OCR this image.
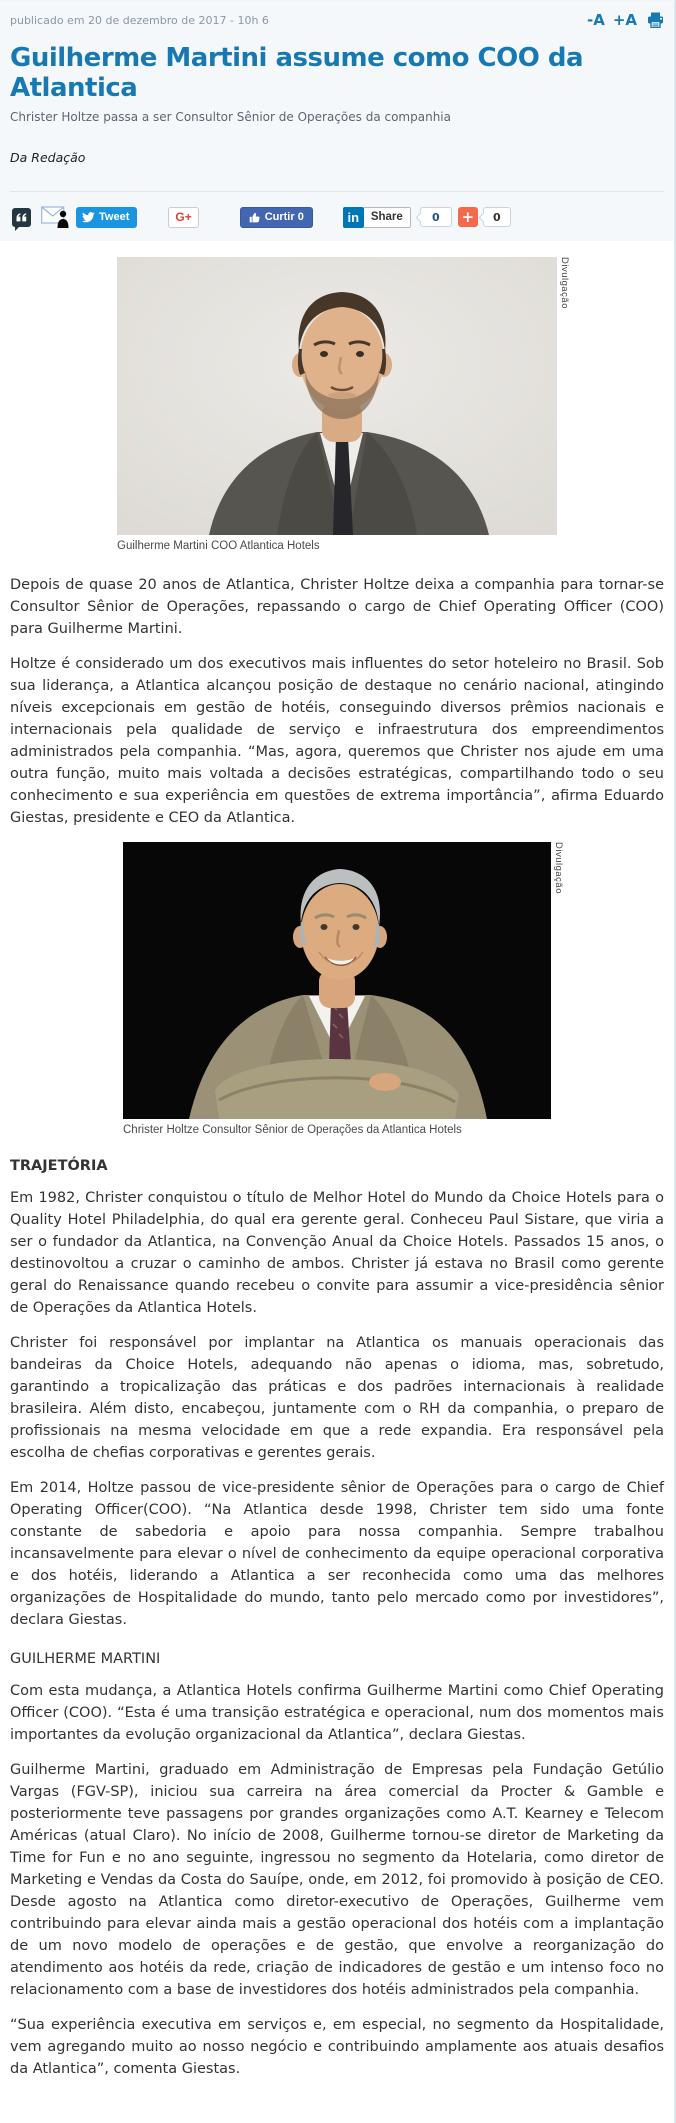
publicado em 20 de dezembro de 2017 - 10h 6	-A +A
Guilherme Martini assume como COO da Atlantica
Christer Holtze passa a ser Consultor Sênior de Operações da companhia
Da Redação
Tweet	G+	Curtir 0	in	Share	0	+	0
Divulgação
Guilherme Martini COO Atlantica Hotels

Depois de quase 20 anos de Atlantica, Christer Holtze deixa a companhia para tornar-se Consultor Sênior de Operações, repassando o cargo de Chief Operating Officer (COO) para Guilherme Martini.

Holtze é considerado um dos executivos mais influentes do setor hoteleiro no Brasil. Sob sua liderança, a Atlantica alcançou posição de destaque no cenário nacional, atingindo níveis excepcionais em gestão de hotéis, conseguindo diversos prêmios nacionais e internacionais pela qualidade de serviço e infraestrutura dos empreendimentos administrados pela companhia. “Mas, agora, queremos que Christer nos ajude em uma outra função, muito mais voltada a decisões estratégicas, compartilhando todo o seu conhecimento e sua experiência em questões de extrema importância”, afirma Eduardo Giestas, presidente e CEO da Atlantica.

Divulgação
Christer Holtze Consultor Sênior de Operações da Atlantica Hotels
TRAJETÓRIA

Em 1982, Christer conquistou o título de Melhor Hotel do Mundo da Choice Hotels para o Quality Hotel Philadelphia, do qual era gerente geral. Conheceu Paul Sistare, que viria a ser o fundador da Atlantica, na Convenção Anual da Choice Hotels. Passados 15 anos, o destinovoltou a cruzar o caminho de ambos. Christer já estava no Brasil como gerente geral do Renaissance quando recebeu o convite para assumir a vice-presidência sênior de Operações da Atlantica Hotels.

Christer foi responsável por implantar na Atlantica os manuais operacionais das bandeiras da Choice Hotels, adequando não apenas o idioma, mas, sobretudo, garantindo a tropicalização das práticas e dos padrões internacionais à realidade brasileira. Além disto, encabeçou, juntamente com o RH da companhia, o preparo de profissionais na mesma velocidade em que a rede expandia. Era responsável pela escolha de chefias corporativas e gerentes gerais.

Em 2014, Holtze passou de vice-presidente sênior de Operações para o cargo de Chief Operating Officer(COO). “Na Atlantica desde 1998, Christer tem sido uma fonte constante de sabedoria e apoio para nossa companhia. Sempre trabalhou incansavelmente para elevar o nível de conhecimento da equipe operacional corporativa e dos hotéis, liderando a Atlantica a ser reconhecida como uma das melhores organizações de Hospitalidade do mundo, tanto pelo mercado como por investidores”, declara Giestas.

GUILHERME MARTINI

Com esta mudança, a Atlantica Hotels confirma Guilherme Martini como Chief Operating Officer (COO). “Esta é uma transição estratégica e operacional, num dos momentos mais importantes da evolução organizacional da Atlantica”, declara Giestas.

Guilherme Martini, graduado em Administração de Empresas pela Fundação Getúlio Vargas (FGV-SP), iniciou sua carreira na área comercial da Procter & Gamble e posteriormente teve passagens por grandes organizações como A.T. Kearney e Telecom Américas (atual Claro). No início de 2008, Guilherme tornou-se diretor de Marketing da Time for Fun e no ano seguinte, ingressou no segmento da Hotelaria, como diretor de Marketing e Vendas da Costa do Sauípe, onde, em 2012, foi promovido à posição de CEO. Desde agosto na Atlantica como diretor-executivo de Operações, Guilherme vem contribuindo para elevar ainda mais a gestão operacional dos hotéis com a implantação de um novo modelo de operações e de gestão, que envolve a reorganização do atendimento aos hotéis da rede, criação de indicadores de gestão e um intenso foco no relacionamento com a base de investidores dos hotéis administrados pela companhia.

“Sua experiência executiva em serviços e, em especial, no segmento da Hospitalidade, vem agregando muito ao nosso negócio e contribuindo amplamente aos atuais desafios da Atlantica”, comenta Giestas.
